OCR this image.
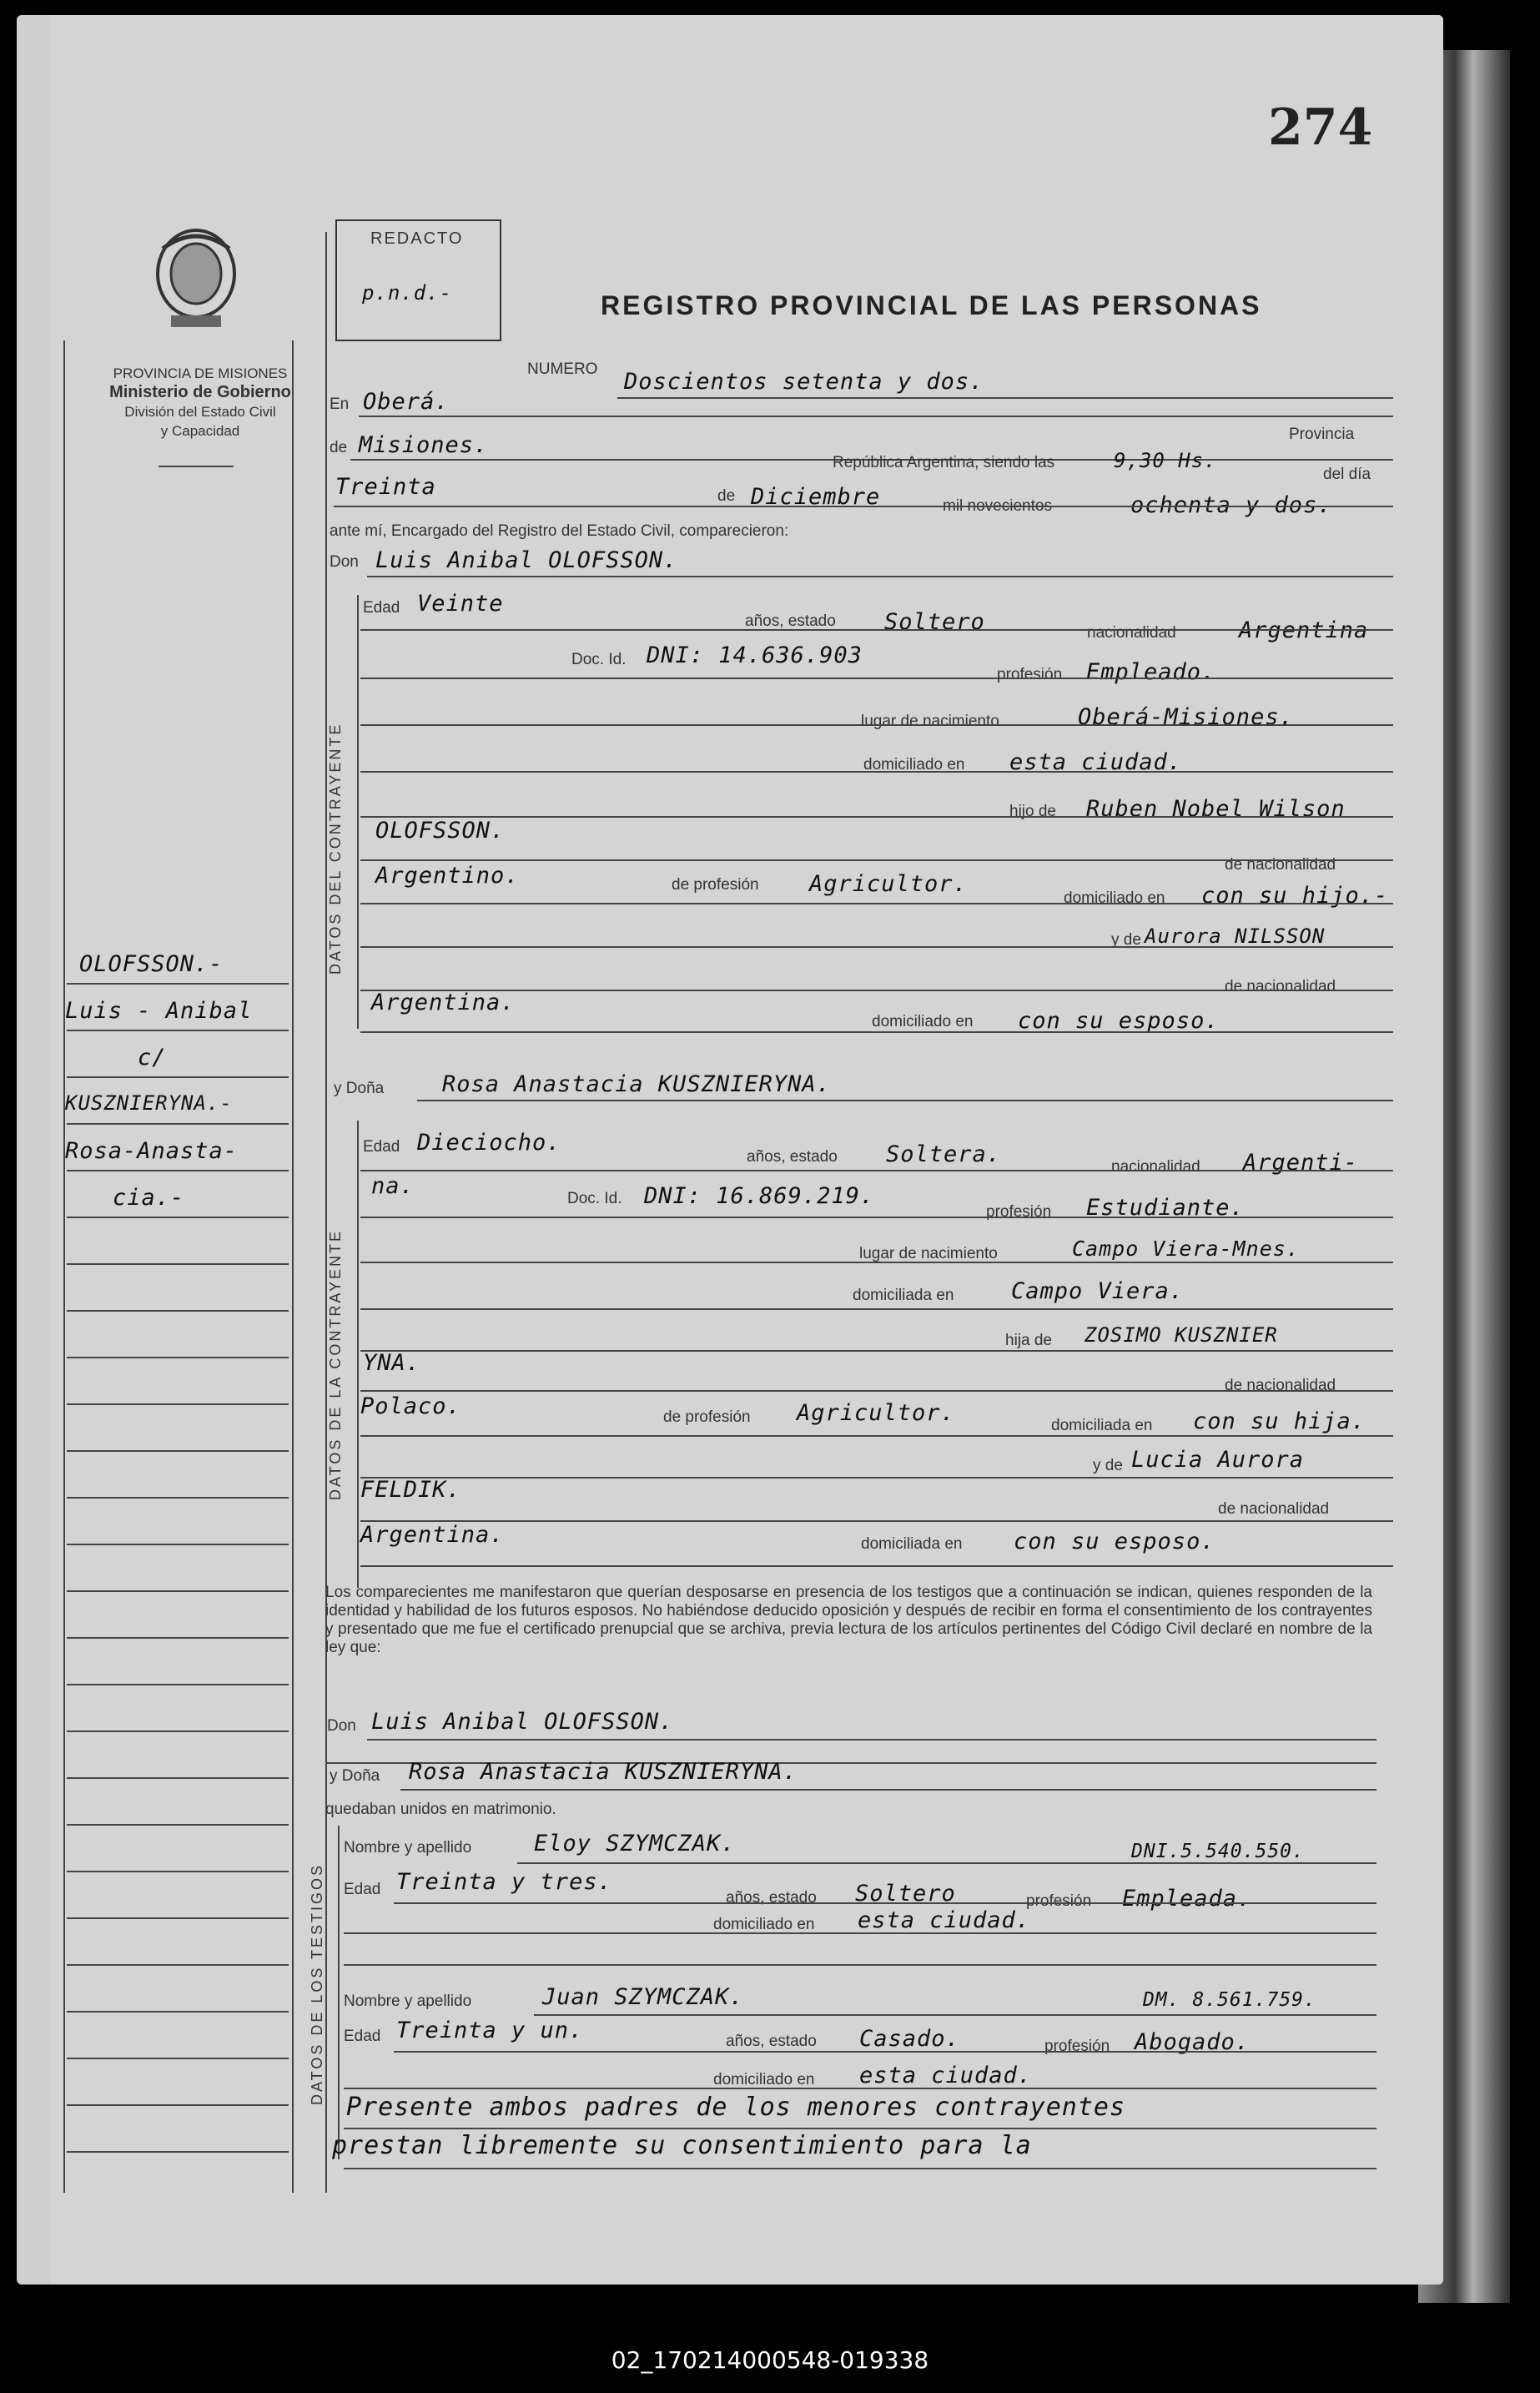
274
PROVINCIA DE MISIONES
Ministerio de Gobierno
División del Estado Civil
y Capacidad
REDACTO
p.n.d.-	REGISTRO PROVINCIAL DE LAS PERSONAS
OLOFSSON.-
Luis - Anibal
c/
KUSZNIERYNA.-
Rosa-Anasta-
cia.-
NUMERO Doscientos setenta y dos.
En Oberá.
de Misiones.	Provincia
República Argentina, siendo las	9,30 Hs.
del día
Treinta	de Diciembre	mil novecientos	ochenta y dos.
ante mí, Encargado del Registro del Estado Civil, comparecieron:
Don Luis Anibal OLOFSSON.
DATOS DEL CONTRAYENTE
Edad Veinte
años, estado Soltero	nacionalidad	Argentina
Doc. Id. DNI: 14.636.903
profesión Empleado.
lugar de nacimiento	Oberá-Misiones.
domiciliado en esta ciudad.
hijo de Ruben Nobel Wilson
OLOFSSON.
de nacionalidad
Argentino.	de profesión Agricultor.
domiciliado en con su hijo.-
y de Aurora NILSSON
de nacionalidad
Argentina.
domiciliado en con su esposo.
y Doña	Rosa Anastacia KUSZNIERYNA.
DATOS DE LA CONTRAYENTE
Edad Dieciocho.
años, estado Soltera.	nacionalidad Argenti-
na.	Doc. Id. DNI: 16.869.219.
profesión Estudiante.
lugar de nacimiento	Campo Viera-Mnes.
domiciliada en	Campo Viera.
hija de ZOSIMO KUSZNIER
YNA.
de nacionalidad
Polaco.	de profesión Agricultor.	domiciliada en con su hija.
y de Lucia Aurora
FELDIK.
de nacionalidad
Argentina.	domiciliada en con su esposo.
Los comparecientes me manifestaron que querían desposarse en presencia de los testigos que a continuación se indican, quienes responden de la identidad y habilidad de los futuros esposos. No habiéndose deducido oposición y después de recibir en forma el consentimiento de los contrayentes y presentado que me fue el certificado prenupcial que se archiva, previa lectura de los artículos pertinentes del Código Civil declaré en nombre de la ley que:
Don Luis Anibal OLOFSSON.
y Doña Rosa Anastacia KUSZNIERYNA.
quedaban unidos en matrimonio.
DATOS DE LOS TESTIGOS
Nombre y apellido	Eloy SZYMCZAK.	DNI.5.540.550.
Edad Treinta y tres.
años, estado Soltero	profesión Empleada.
domiciliado en esta ciudad.
Nombre y apellido	Juan SZYMCZAK.	DM. 8.561.759.
Edad Treinta y un.	años, estado Casado.	profesión Abogado.
domiciliado en esta ciudad.
Presente ambos padres de los menores contrayentes
prestan libremente su consentimiento para la
02_170214000548-019338
